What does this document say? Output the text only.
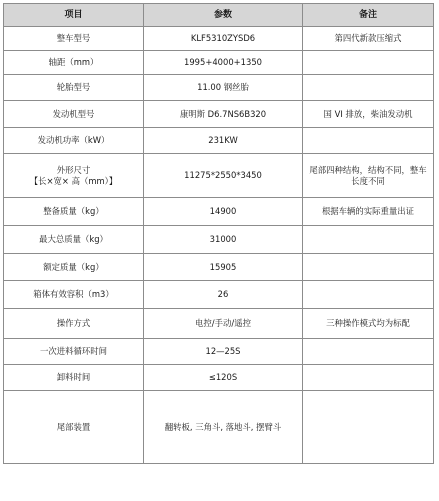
项目	参数	备注
整车型号	KLF5310ZYSD6	第四代新款压缩式

轴距（mm）	1995+4000+1350	

轮胎型号	11.00 钢丝胎	

发动机型号	康明斯 D6.7NS6B320	国 VI 排放，柴油发动机

发动机功率（kW）	231KW	

外形尺寸
【长×宽× 高（mm）】	11275*2550*3450	尾部四种结构，结构不同，整车长度不同

整备质量（kg）	14900	根据车辆的实际重量出证

最大总质量（kg）	31000	

额定质量（kg）	15905	

箱体有效容积（m3）	26	

操作方式	电控/手动/遥控	三种操作模式均为标配

一次进料循环时间	12—25S	

卸料时间	≤120S	

尾部装置	翻转板, 三角斗, 落地斗, 摆臂斗	
